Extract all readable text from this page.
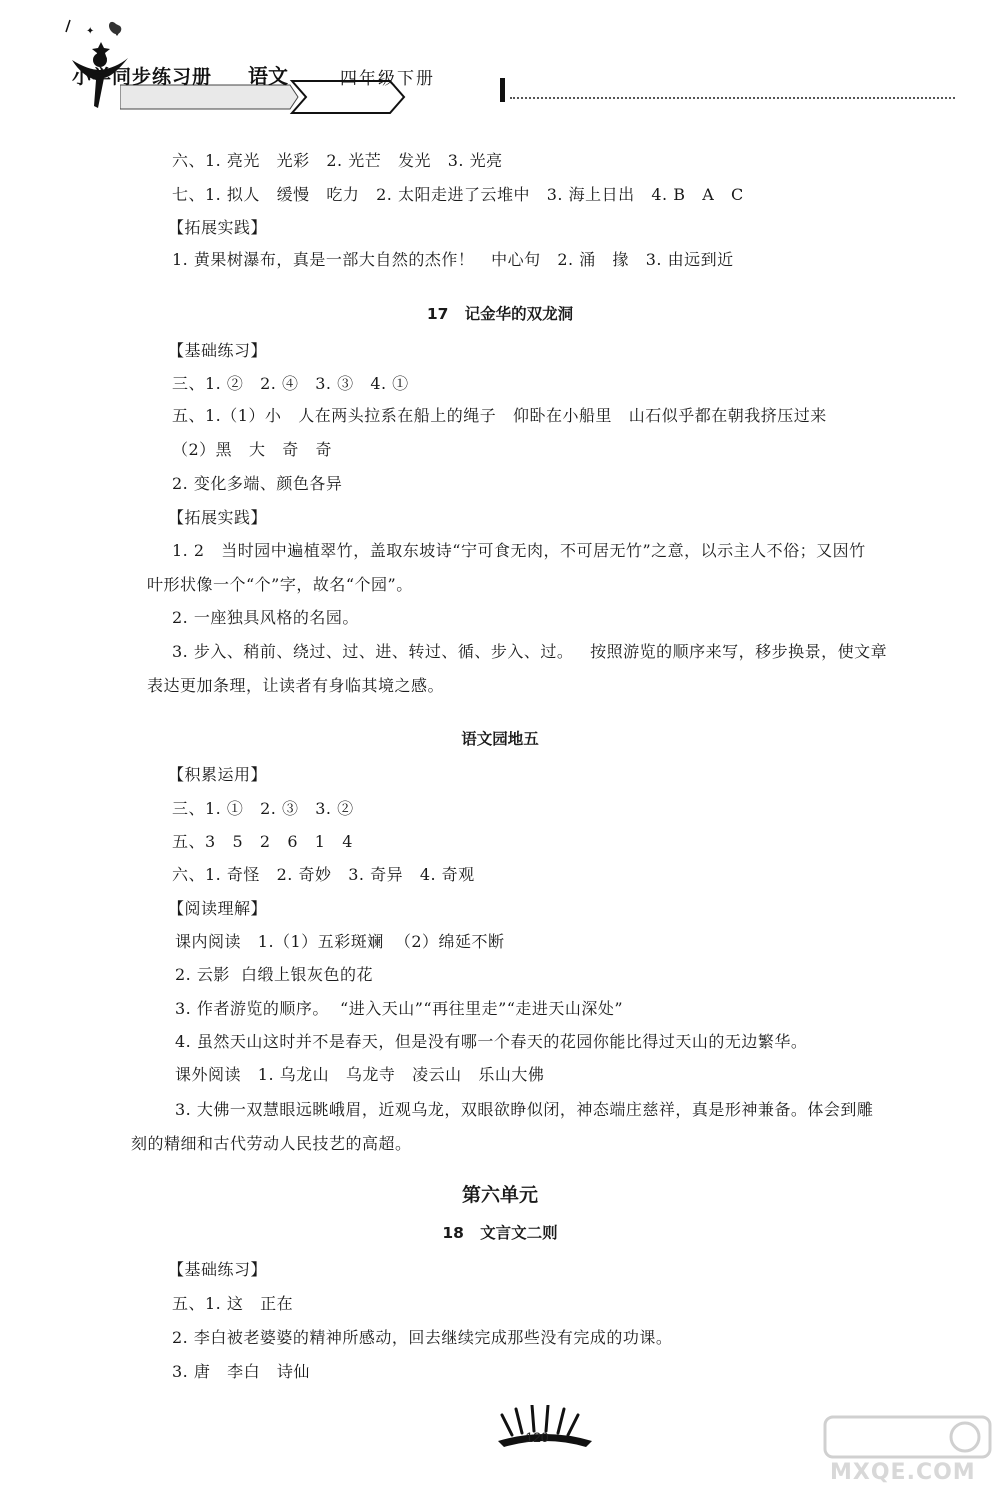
✦
小学同步练习册 语文	四年级下册
六、1. 亮光   光彩   2. 光芒   发光   3. 光亮
七、1. 拟人   缓慢   吃力   2. 太阳走进了云堆中   3. 海上日出   4. B   A   C
【拓展实践】
1. 黄果树瀑布，真是一部大自然的杰作！   中心句   2. 涌   掾   3. 由远到近
17   记金华的双龙洞
【基础练习】
三、1. ②   2. ④   3. ③   4. ①
五、1.（1）小   人在两头拉系在船上的绳子   仰卧在小船里   山石似乎都在朝我挤压过来
（2）黑   大   奇   奇
2. 变化多端、颜色各异
【拓展实践】
1. 2   当时园中遍植翠竹，盖取东坡诗“宁可食无肉，不可居无竹”之意，以示主人不俗；又因竹
叶形状像一个“个”字，故名“个园”。
2. 一座独具风格的名园。
3. 步入、稍前、绕过、过、进、转过、循、步入、过。   按照游览的顺序来写，移步换景，使文章
表达更加条理，让读者有身临其境之感。
语文园地五
【积累运用】
三、1. ①   2. ③   3. ②
五、3   5   2   6   1   4
六、1. 奇怪   2. 奇妙   3. 奇异   4. 奇观
【阅读理解】
课内阅读   1.（1）五彩斑斓  （2）绵延不断
2. 云影  白缎上银灰色的花
3. 作者游览的顺序。  “进入天山”“再往里走”“走进天山深处”
4. 虽然天山这时并不是春天，但是没有哪一个春天的花园你能比得过天山的无边繁华。
课外阅读   1. 乌龙山   乌龙寺   凌云山   乐山大佛
3. 大佛一双慧眼远眺峨眉，近观乌龙，双眼欲睁似闭，神态端庄慈祥，真是形神兼备。体会到雕
刻的精细和古代劳动人民技艺的高超。
第六单元
18   文言文二则
【基础练习】
五、1. 这   正在
2. 李白被老婆婆的精神所感动，回去继续完成那些没有完成的功课。
3. 唐   李白   诗仙
120
MXQE.COM
